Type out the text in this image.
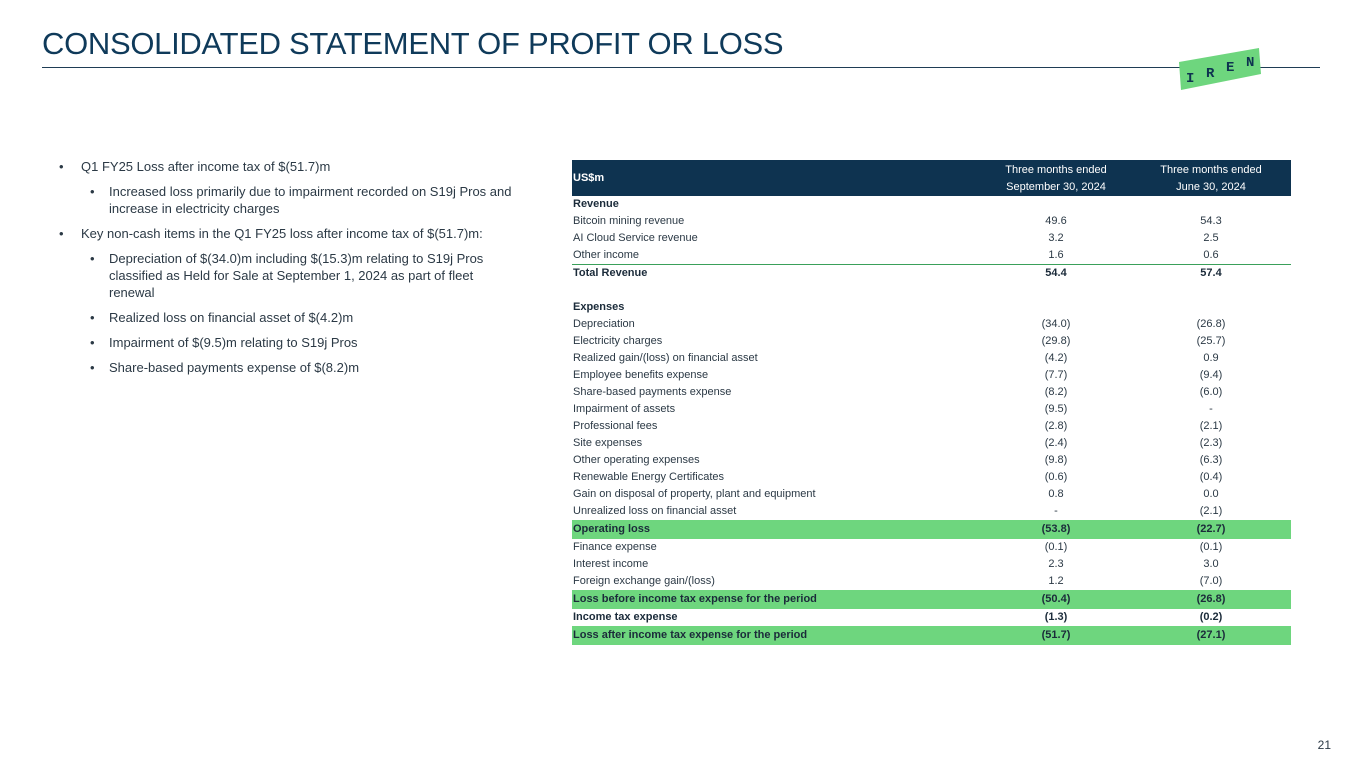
CONSOLIDATED STATEMENT OF PROFIT OR LOSS
I R E N
• Q1 FY25 Loss after income tax of $(51.7)m
• Increased loss primarily due to impairment recorded on S19j Pros and increase in electricity charges
• Key non-cash items in the Q1 FY25 loss after income tax of $(51.7)m:
• Depreciation of $(34.0)m including $(15.3)m relating to S19j Pros classified as Held for Sale at September 1, 2024 as part of fleet renewal
• Realized loss on financial asset of $(4.2)m
• Impairment of $(9.5)m relating to S19j Pros
• Share-based payments expense of $(8.2)m
US$m	Three months ended	Three months ended
	September 30, 2024	June 30, 2024
Revenue		
Bitcoin mining revenue	49.6	54.3
AI Cloud Service revenue	3.2	2.5
Other income	1.6	0.6
Total Revenue	54.4	57.4

Expenses		
Depreciation	(34.0)	(26.8)
Electricity charges	(29.8)	(25.7)
Realized gain/(loss) on financial asset	(4.2)	0.9
Employee benefits expense	(7.7)	(9.4)
Share-based payments expense	(8.2)	(6.0)
Impairment of assets	(9.5)	-
Professional fees	(2.8)	(2.1)
Site expenses	(2.4)	(2.3)
Other operating expenses	(9.8)	(6.3)
Renewable Energy Certificates	(0.6)	(0.4)
Gain on disposal of property, plant and equipment	0.8	0.0
Unrealized loss on financial asset	-	(2.1)
Operating loss	(53.8)	(22.7)
Finance expense	(0.1)	(0.1)
Interest income	2.3	3.0
Foreign exchange gain/(loss)	1.2	(7.0)
Loss before income tax expense for the period	(50.4)	(26.8)
Income tax expense	(1.3)	(0.2)
Loss after income tax expense for the period	(51.7)	(27.1)
21
